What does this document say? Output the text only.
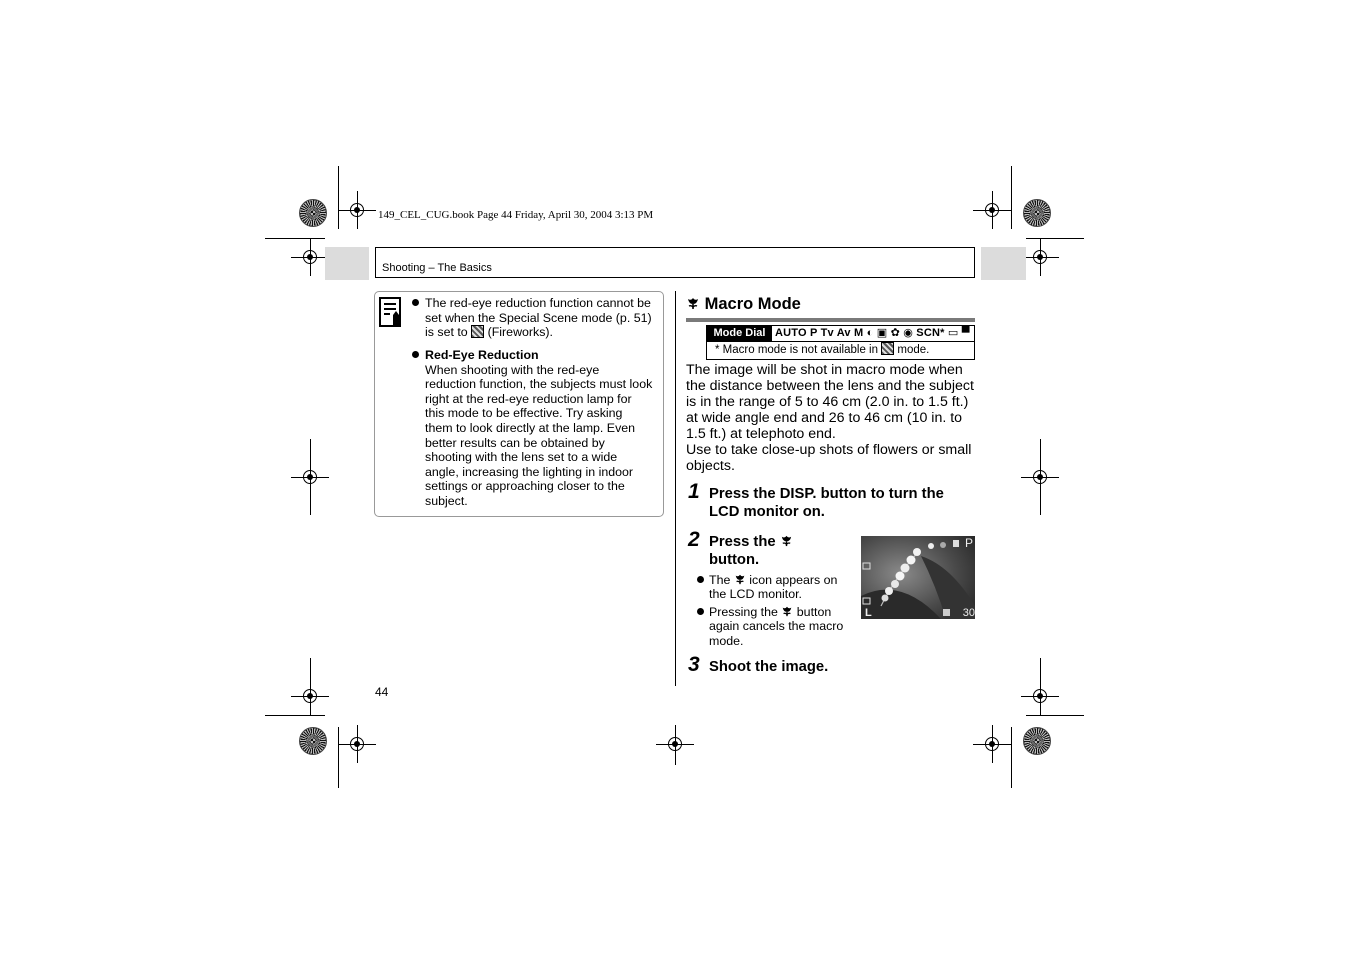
149_CEL_CUG.book Page 44 Friday, April 30, 2004 3:13 PM
Shooting – The Basics
The red-eye reduction function cannot be set when the Special Scene mode (p. 51) is set to (Fireworks).
Red-Eye Reduction
When shooting with the red-eye reduction function, the subjects must look right at the red-eye reduction lamp for this mode to be effective. Try asking them to look directly at the lamp. Even better results can be obtained by shooting with the lens set to a wide angle, increasing the lighting in indoor settings or approaching closer to the subject.
Macro Mode
Mode Dial AUTO P Tv Av M ◐ ▣ ✿ ◉ SCN* ▭ ▀
* Macro mode is not available in mode.
The image will be shot in macro mode when the distance between the lens and the subject is in the range of 5 to 46 cm (2.0 in. to 1.5 ft.) at wide angle end and 26 to 46 cm (10 in. to 1.5 ft.) at telephoto end.
Use to take close-up shots of flowers or small objects.
1 Press the DISP. button to turn the LCD monitor on.
2 Press the
button.
The icon appears on the LCD monitor.
Pressing the button again cancels the macro mode.
P
L	30
3 Shoot the image.
44
